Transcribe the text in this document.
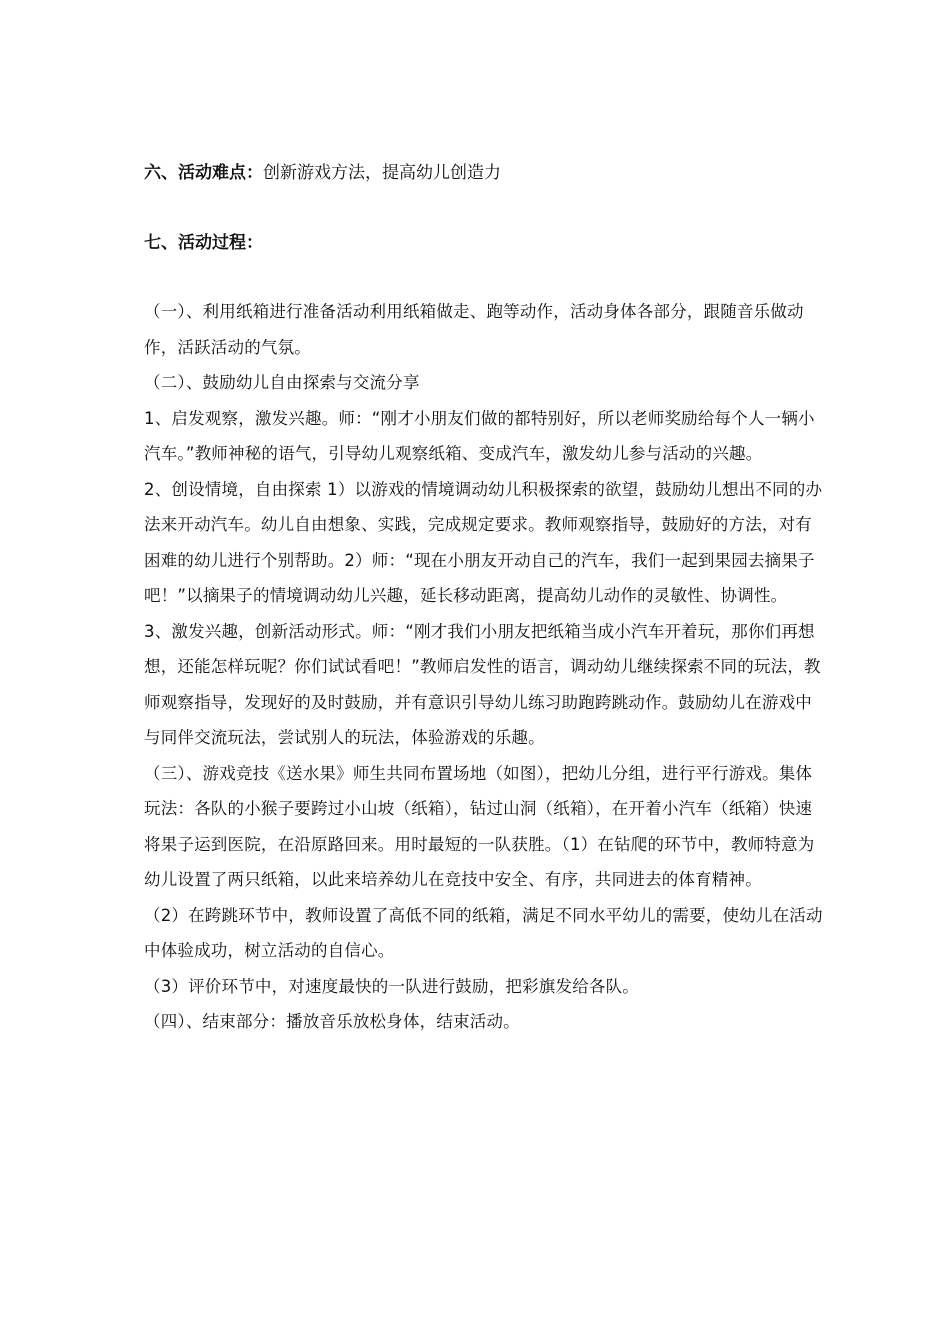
六、活动难点：创新游戏方法，提高幼儿创造力
七、活动过程：

（一）、利用纸箱进行准备活动利用纸箱做走、跑等动作，活动身体各部分，跟随音乐做动作，活跃活动的气氛。

（二）、鼓励幼儿自由探索与交流分享

1、启发观察，激发兴趣。师：“刚才小朋友们做的都特别好，所以老师奖励给每个人一辆小汽车。”教师神秘的语气，引导幼儿观察纸箱、变成汽车，激发幼儿参与活动的兴趣。

2、创设情境，自由探索 1）以游戏的情境调动幼儿积极探索的欲望，鼓励幼儿想出不同的办法来开动汽车。幼儿自由想象、实践，完成规定要求。教师观察指导，鼓励好的方法，对有困难的幼儿进行个别帮助。2）师：“现在小朋友开动自己的汽车，我们一起到果园去摘果子吧！”以摘果子的情境调动幼儿兴趣，延长移动距离，提高幼儿动作的灵敏性、协调性。

3、激发兴趣，创新活动形式。师：“刚才我们小朋友把纸箱当成小汽车开着玩，那你们再想想，还能怎样玩呢？你们试试看吧！”教师启发性的语言，调动幼儿继续探索不同的玩法，教师观察指导，发现好的及时鼓励，并有意识引导幼儿练习助跑跨跳动作。鼓励幼儿在游戏中与同伴交流玩法，尝试别人的玩法，体验游戏的乐趣。

（三）、游戏竞技《送水果》师生共同布置场地（如图），把幼儿分组，进行平行游戏。集体玩法：各队的小猴子要跨过小山坡（纸箱），钻过山洞（纸箱），在开着小汽车（纸箱）快速将果子运到医院，在沿原路回来。用时最短的一队获胜。（1）在钻爬的环节中，教师特意为幼儿设置了两只纸箱，以此来培养幼儿在竞技中安全、有序，共同进去的体育精神。

（2）在跨跳环节中，教师设置了高低不同的纸箱，满足不同水平幼儿的需要，使幼儿在活动中体验成功，树立活动的自信心。

（3）评价环节中，对速度最快的一队进行鼓励，把彩旗发给各队。

（四）、结束部分：播放音乐放松身体，结束活动。
